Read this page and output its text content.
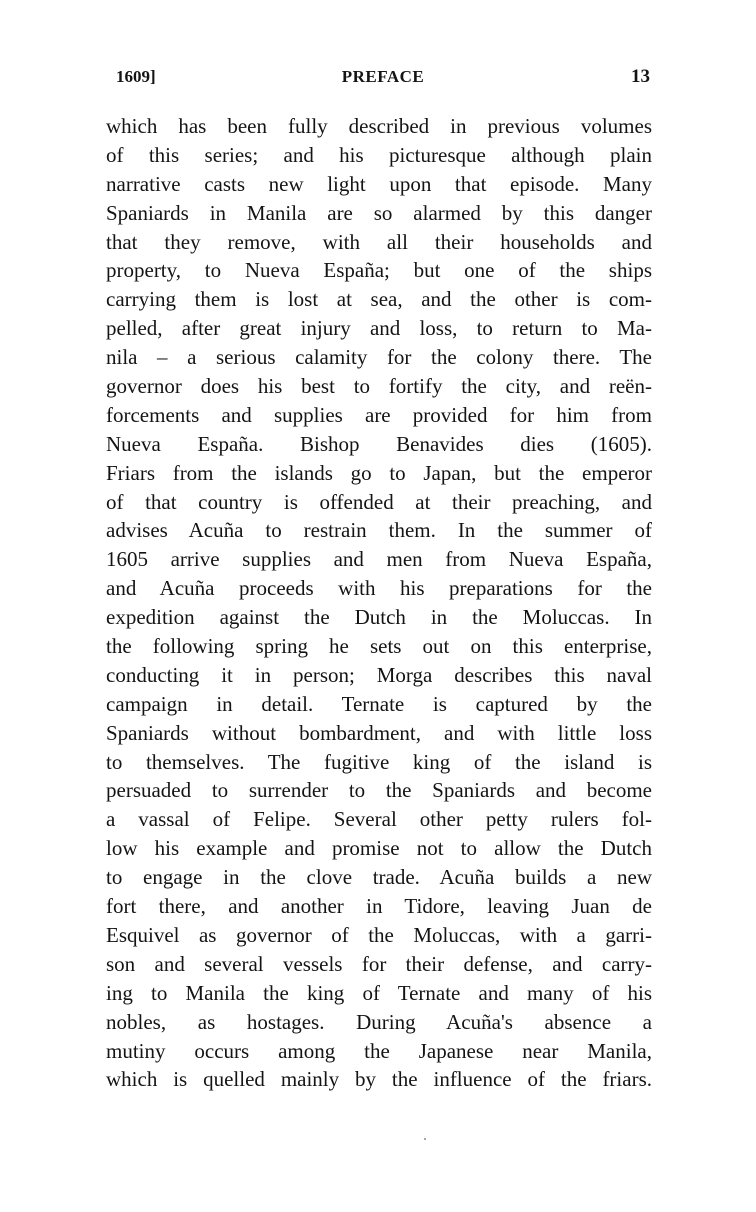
1609]	PREFACE	13
which has been fully described in previous volumes
of this series; and his picturesque although plain
narrative casts new light upon that episode. Many
Spaniards in Manila are so alarmed by this danger
that they remove, with all their households and
property, to Nueva España; but one of the ships
carrying them is lost at sea, and the other is com-
pelled, after great injury and loss, to return to Ma-
nila – a serious calamity for the colony there. The
governor does his best to fortify the city, and reën-
forcements and supplies are provided for him from
Nueva España. Bishop Benavides dies (1605).
Friars from the islands go to Japan, but the emperor
of that country is offended at their preaching, and
advises Acuña to restrain them. In the summer of
1605 arrive supplies and men from Nueva España,
and Acuña proceeds with his preparations for the
expedition against the Dutch in the Moluccas. In
the following spring he sets out on this enterprise,
conducting it in person; Morga describes this naval
campaign in detail. Ternate is captured by the
Spaniards without bombardment, and with little loss
to themselves. The fugitive king of the island is
persuaded to surrender to the Spaniards and become
a vassal of Felipe. Several other petty rulers fol-
low his example and promise not to allow the Dutch
to engage in the clove trade. Acuña builds a new
fort there, and another in Tidore, leaving Juan de
Esquivel as governor of the Moluccas, with a garri-
son and several vessels for their defense, and carry-
ing to Manila the king of Ternate and many of his
nobles, as hostages. During Acuña's absence a
mutiny occurs among the Japanese near Manila,
which is quelled mainly by the influence of the friars.
